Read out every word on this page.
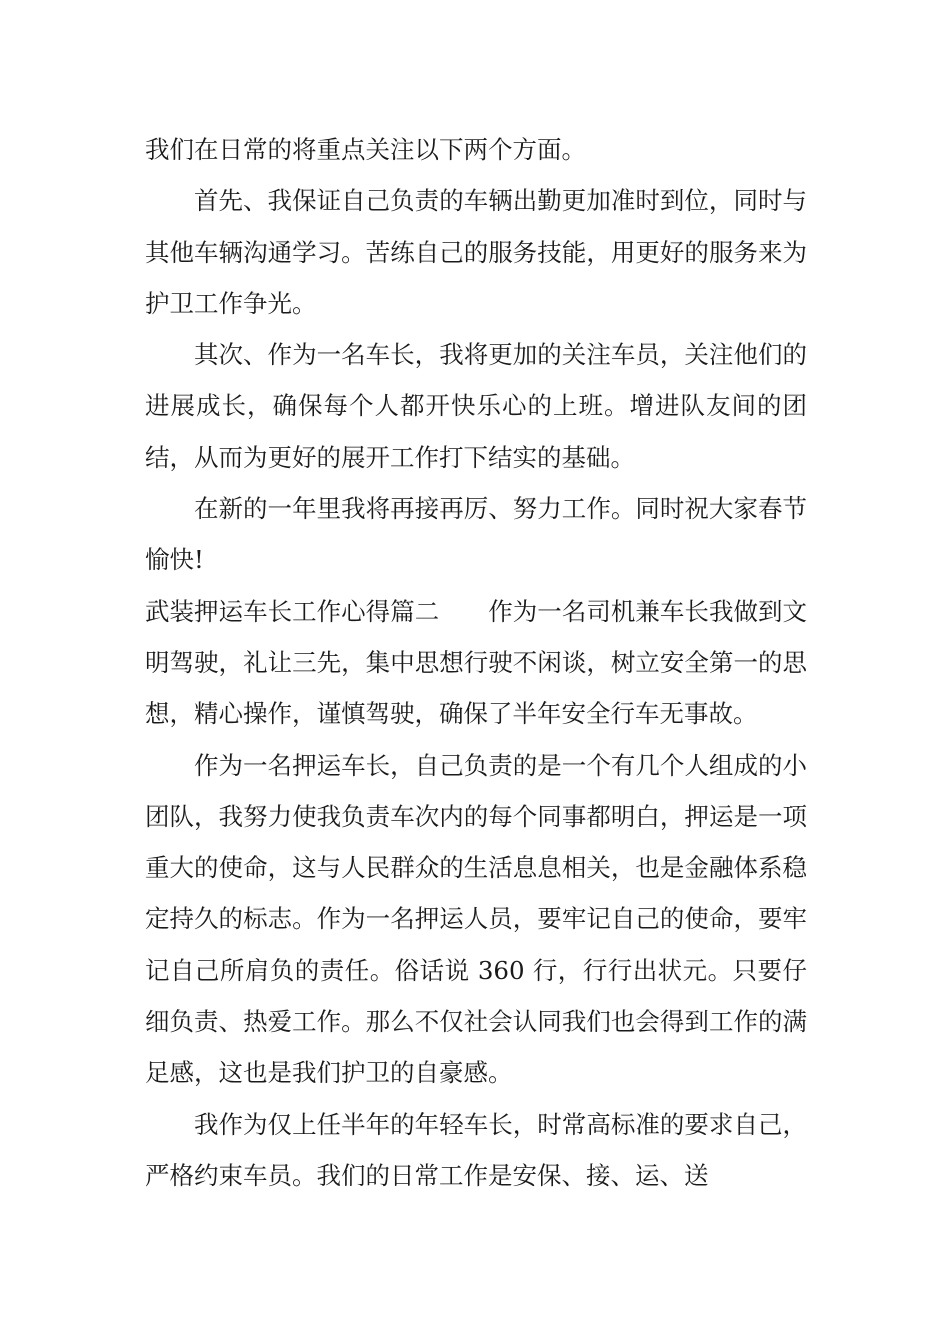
我们在日常的将重点关注以下两个方面。

首先、我保证自己负责的车辆出勤更加准时到位，同时与其他车辆沟通学习。苦练自己的服务技能，用更好的服务来为护卫工作争光。

其次、作为一名车长，我将更加的关注车员，关注他们的进展成长，确保每个人都开快乐心的上班。增进队友间的团结，从而为更好的展开工作打下结实的基础。

在新的一年里我将再接再厉、努力工作。同时祝大家春节愉快!

武装押运车长工作心得篇二　　作为一名司机兼车长我做到文明驾驶，礼让三先，集中思想行驶不闲谈，树立安全第一的思想，精心操作，谨慎驾驶，确保了半年安全行车无事故。

作为一名押运车长，自己负责的是一个有几个人组成的小团队，我努力使我负责车次内的每个同事都明白，押运是一项重大的使命，这与人民群众的生活息息相关，也是金融体系稳定持久的标志。作为一名押运人员，要牢记自己的使命，要牢记自己所肩负的责任。俗话说 360 行，行行出状元。只要仔细负责、热爱工作。那么不仅社会认同我们也会得到工作的满足感，这也是我们护卫的自豪感。

我作为仅上任半年的年轻车长，时常高标准的要求自己，严格约束车员。我们的日常工作是安保、接、运、送
